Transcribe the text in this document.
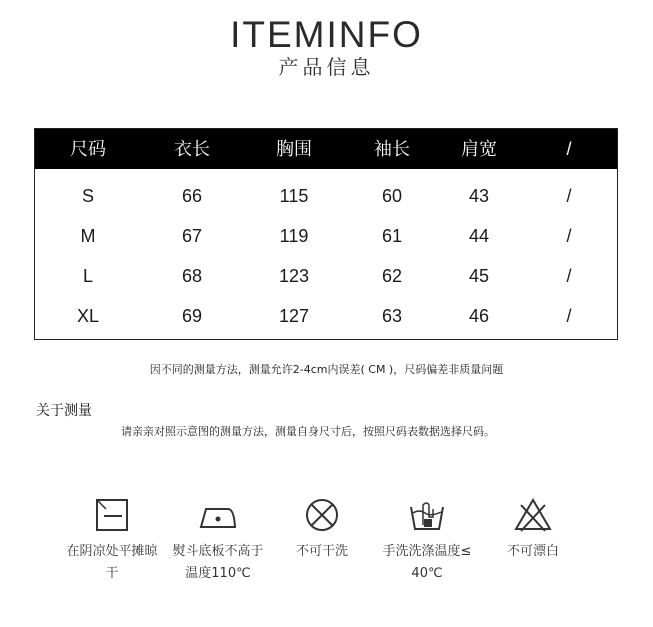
ITEMINFO
产品信息
尺码	衣长	胸围	袖长	肩宽	/
S	66	115	60	43	/
M	67	119	61	44	/
L	68	123	62	45	/
XL	69	127	63	46	/
因不同的测量方法，测量允许2-4cm内误差( CM )，尺码偏差非质量问题
关于测量
请亲亲对照示意图的测量方法，测量自身尺寸后，按照尺码表数据选择尺码。
在阴凉处平摊晾
干
熨斗底板不高于
温度110℃
不可干洗	手洗洗涤温度≤
40℃
不可漂白
